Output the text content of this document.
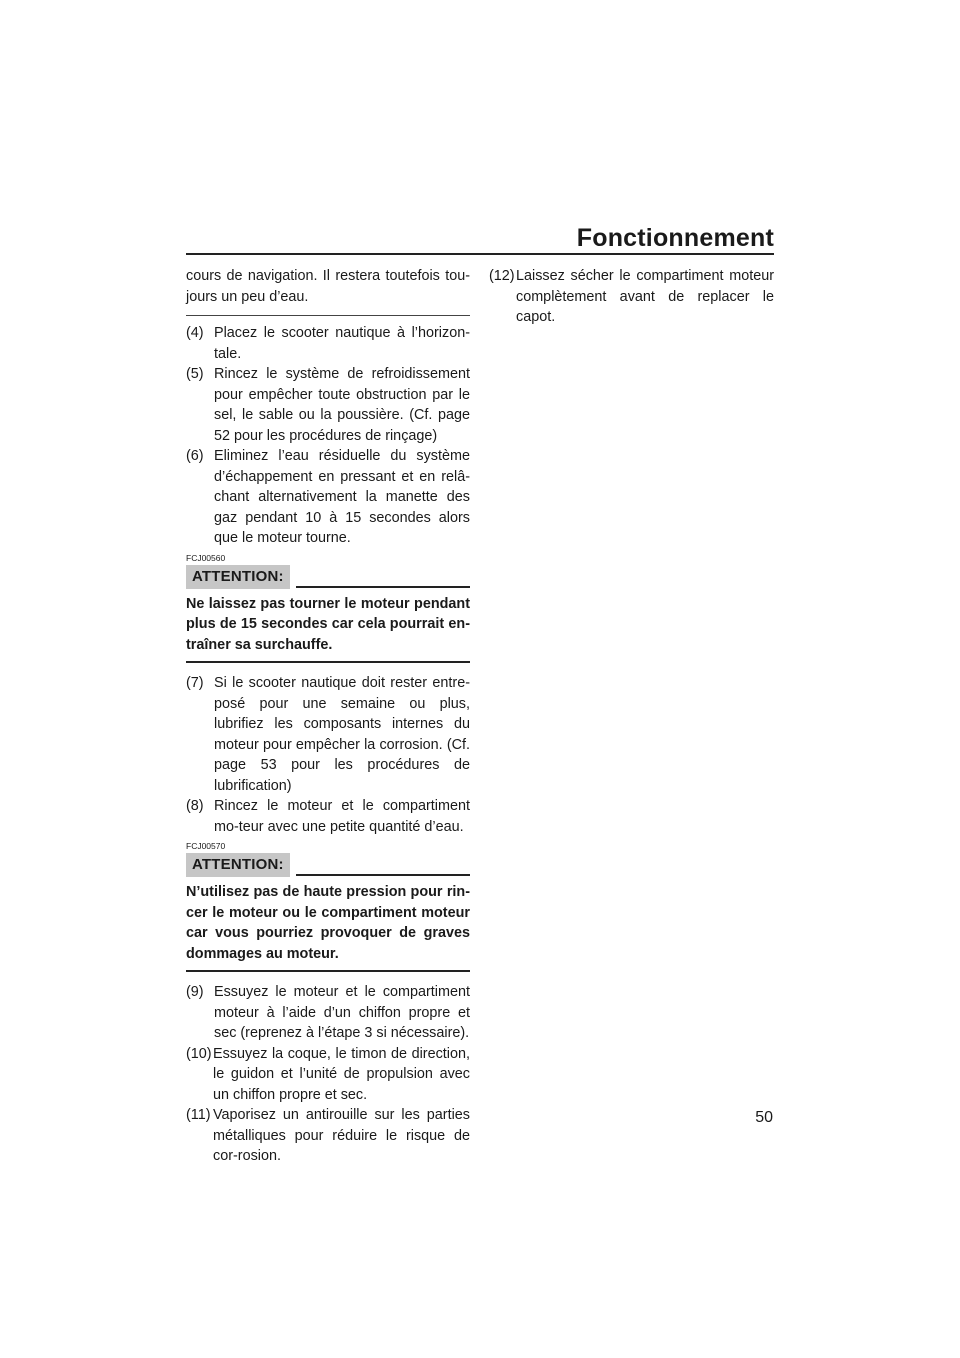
Fonctionnement

cours de navigation. Il restera toutefois tou-jours un peu d’eau.

(4) Placez le scooter nautique à l’horizon-tale.
(5) Rincez le système de refroidissement pour empêcher toute obstruction par le sel, le sable ou la poussière. (Cf. page 52 pour les procédures de rinçage)
(6) Eliminez l’eau résiduelle du système d’échappement en pressant et en relâ-chant alternativement la manette des gaz pendant 10 à 15 secondes alors que le moteur tourne.
FCJ00560
ATTENTION:

Ne laissez pas tourner le moteur pendant plus de 15 secondes car cela pourrait en-traîner sa surchauffe.

(7) Si le scooter nautique doit rester entre-posé pour une semaine ou plus, lubrifiez les composants internes du moteur pour empêcher la corrosion. (Cf. page 53 pour les procédures de lubrification)
(8) Rincez le moteur et le compartiment mo-teur avec une petite quantité d’eau.
FCJ00570
ATTENTION:

N’utilisez pas de haute pression pour rin-cer le moteur ou le compartiment moteur car vous pourriez provoquer de graves dommages au moteur.

(9) Essuyez le moteur et le compartiment moteur à l’aide d’un chiffon propre et sec (reprenez à l’étape 3 si nécessaire).
(10) Essuyez la coque, le timon de direction, le guidon et l’unité de propulsion avec un chiffon propre et sec.
(11) Vaporisez un antirouille sur les parties métalliques pour réduire le risque de cor-rosion.
(12) Laissez sécher le compartiment moteur complètement avant de replacer le capot.
50
